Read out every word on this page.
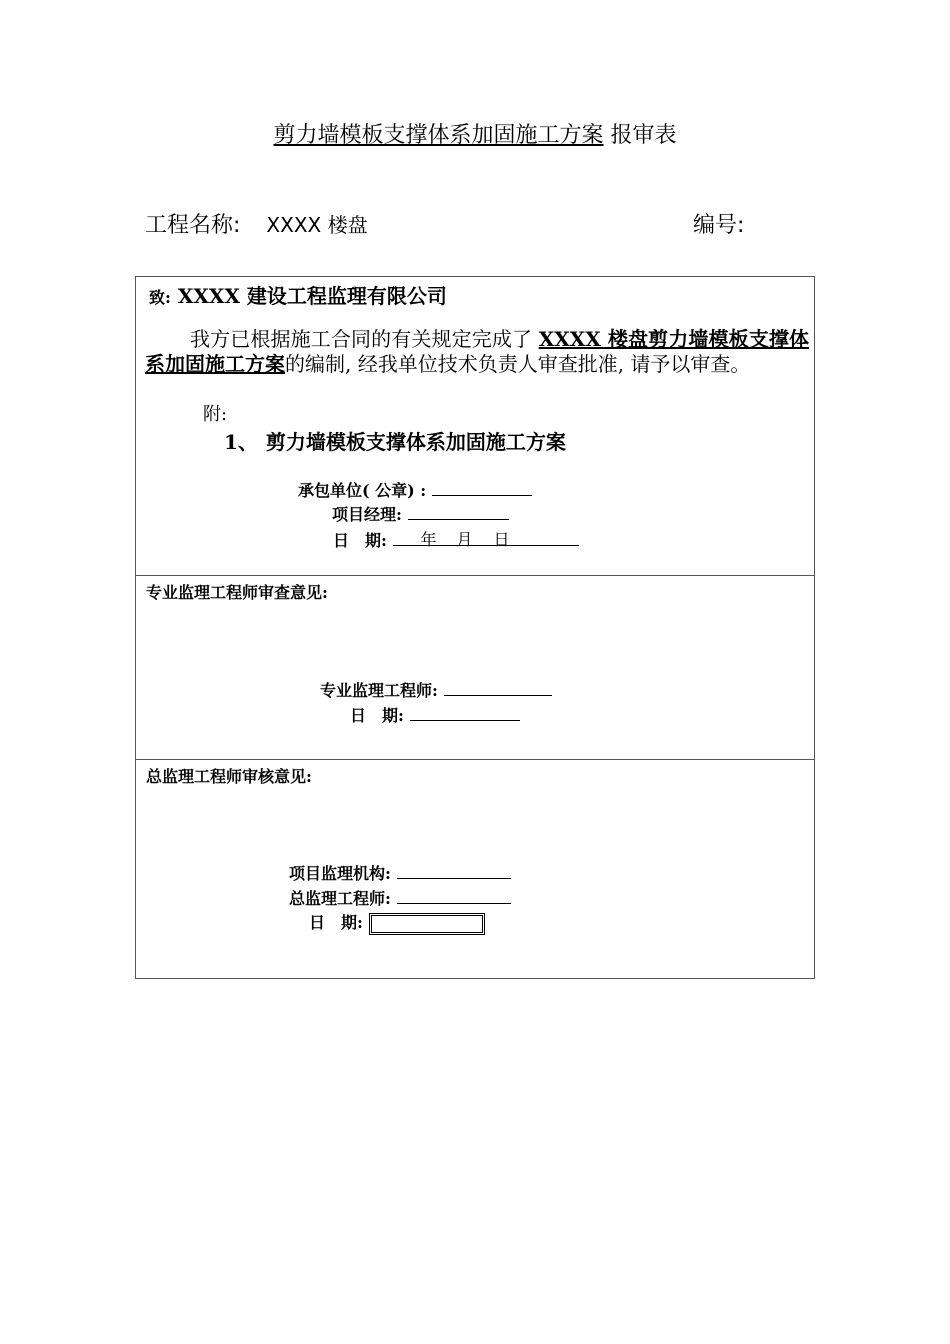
剪力墙模板支撑体系加固施工方案 报审表
工程名称: XXXX 楼盘	编号:
致: XXXX 建设工程监理有限公司
我方已根据施工合同的有关规定完成了 XXXX 楼盘剪力墙模板支撑体系加固施工方案的编制, 经我单位技术负责人审查批准, 请予以审查。
附:
1、 剪力墙模板支撑体系加固施工方案
承包单位( 公章) :
项目经理:
日　期: 年 月 日
专业监理工程师审查意见:
专业监理工程师:
日　期:
总监理工程师审核意见:
项目监理机构:
总监理工程师:
日　期:
